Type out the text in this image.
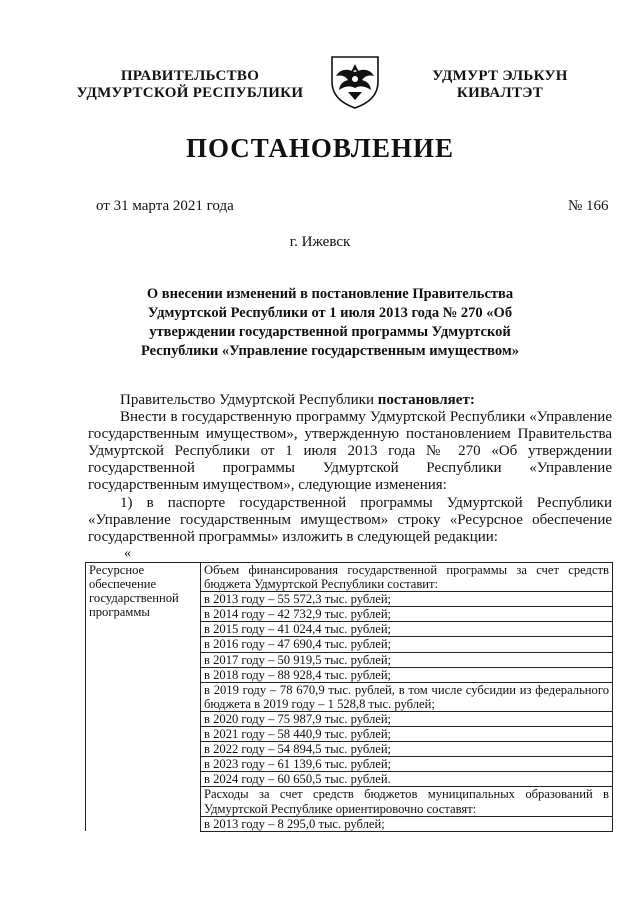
ПРАВИТЕЛЬСТВО
УДМУРТСКОЙ РЕСПУБЛИКИ
УДМУРТ ЭЛЬКУН
КИВАЛТЭТ
ПОСТАНОВЛЕНИЕ
от 31 марта 2021 года	№ 166
г. Ижевск
О внесении изменений в постановление Правительства Удмуртской Республики от 1 июля 2013 года № 270 «Об утверждении государственной программы Удмуртской Республики «Управление государственным имуществом»
Правительство Удмуртской Республики постановляет:
Внести в государственную программу Удмуртской Республики «Управление государственным имуществом», утвержденную постановлением Правительства Удмуртской Республики от 1 июля 2013 года № 270 «Об утверждении государственной программы Удмуртской Республики «Управление государственным имуществом», следующие изменения:
1) в паспорте государственной программы Удмуртской Республики «Управление государственным имуществом» строку «Ресурсное обеспечение государственной программы» изложить в следующей редакции:
«
Ресурсное обеспечение государственной программы	Объем финансирования государственной программы за счет средств бюджета Удмуртской Республики составит:
в 2013 году – 55 572,3 тыс. рублей;
в 2014 году – 42 732,9 тыс. рублей;
в 2015 году – 41 024,4 тыс. рублей;
в 2016 году – 47 690,4 тыс. рублей;
в 2017 году – 50 919,5 тыс. рублей;
в 2018 году – 88 928,4 тыс. рублей;
в 2019 году – 78 670,9 тыс. рублей, в том числе субсидии из федерального бюджета в 2019 году – 1 528,8 тыс. рублей;
в 2020 году – 75 987,9 тыс. рублей;
в 2021 году – 58 440,9 тыс. рублей;
в 2022 году – 54 894,5 тыс. рублей;
в 2023 году – 61 139,6 тыс. рублей;
в 2024 году – 60 650,5 тыс. рублей.
Расходы за счет средств бюджетов муниципальных образований в Удмуртской Республике ориентировочно составят:
в 2013 году – 8 295,0 тыс. рублей;
